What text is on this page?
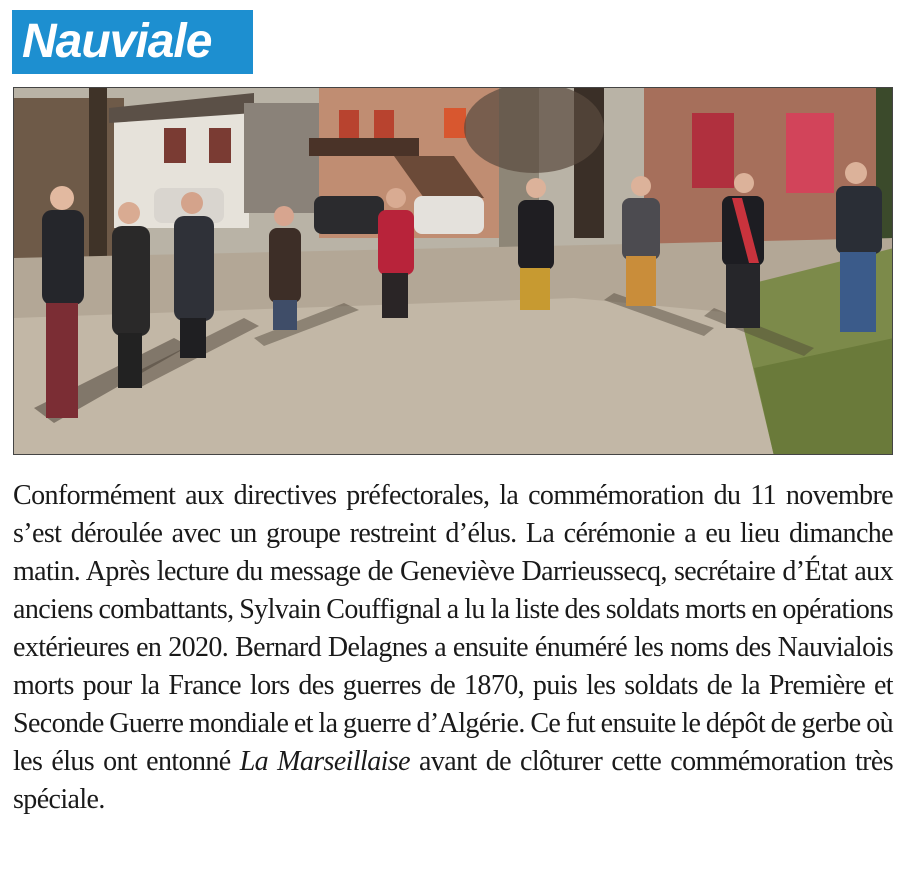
Nauviale

Conformément aux directives préfectorales, la commémoration du 11 novembre s’est déroulée avec un groupe restreint d’élus. La cérémonie a eu lieu dimanche matin. Après lecture du message de Geneviève Darrieussecq, secrétaire d’État aux anciens combattants, Sylvain Couffignal a lu la liste des soldats morts en opérations extérieures en 2020. Bernard Delagnes a ensuite énuméré les noms des Nauvialois morts pour la France lors des guerres de 1870, puis les soldats de la Première et Seconde Guerre mondiale et la guerre d’Algérie. Ce fut ensuite le dépôt de gerbe où les élus ont entonné La Marseillaise avant de clôturer cette commémoration très spéciale.
